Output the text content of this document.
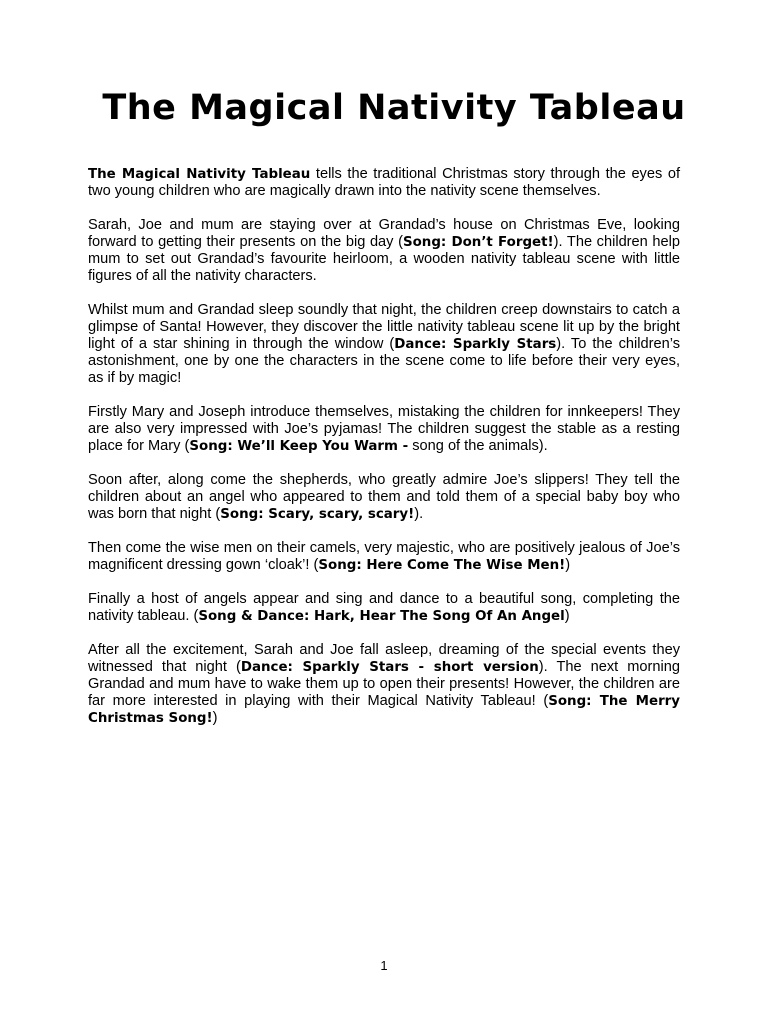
The Magical Nativity Tableau

The Magical Nativity Tableau tells the traditional Christmas story through the eyes of two young children who are magically drawn into the nativity scene themselves.

Sarah, Joe and mum are staying over at Grandad’s house on Christmas Eve, looking forward to getting their presents on the big day (Song: Don’t Forget!). The children help mum to set out Grandad’s favourite heirloom, a wooden nativity tableau scene with little figures of all the nativity characters.

Whilst mum and Grandad sleep soundly that night, the children creep downstairs to catch a glimpse of Santa! However, they discover the little nativity tableau scene lit up by the bright light of a star shining in through the window (Dance: Sparkly Stars). To the children’s astonishment, one by one the characters in the scene come to life before their very eyes, as if by magic!

Firstly Mary and Joseph introduce themselves, mistaking the children for innkeepers! They are also very impressed with Joe’s pyjamas! The children suggest the stable as a resting place for Mary (Song: We’ll Keep You Warm - song of the animals).

Soon after, along come the shepherds, who greatly admire Joe’s slippers! They tell the children about an angel who appeared to them and told them of a special baby boy who was born that night (Song: Scary, scary, scary!).

Then come the wise men on their camels, very majestic, who are positively jealous of Joe’s magnificent dressing gown ‘cloak’! (Song: Here Come The Wise Men!)

Finally a host of angels appear and sing and dance to a beautiful song, completing the nativity tableau. (Song & Dance: Hark, Hear The Song Of An Angel)

After all the excitement, Sarah and Joe fall asleep, dreaming of the special events they witnessed that night (Dance: Sparkly Stars - short version). The next morning Grandad and mum have to wake them up to open their presents! However, the children are far more interested in playing with their Magical Nativity Tableau! (Song: The Merry Christmas Song!)

1
